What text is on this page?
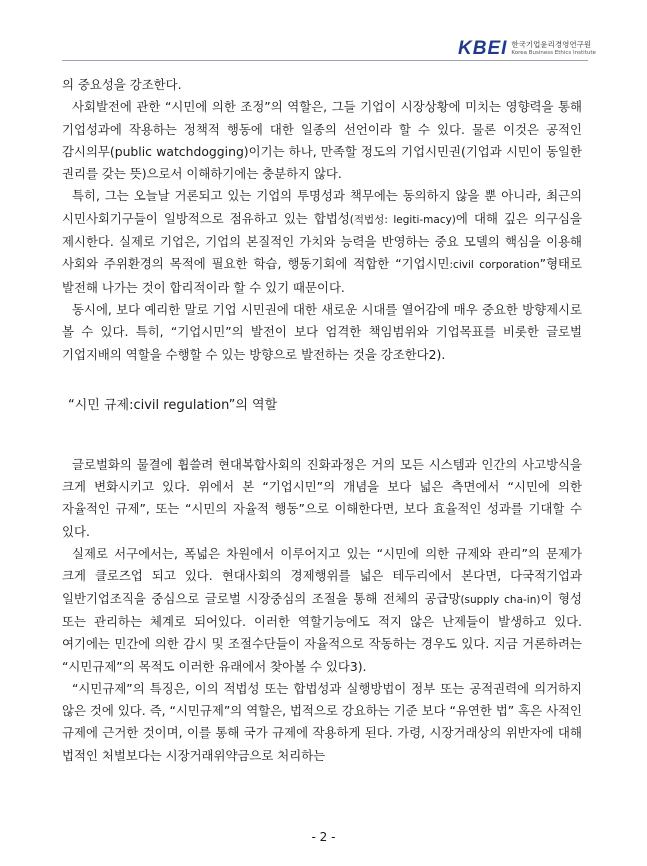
KBEI 한국기업윤리경영연구원
Korea Business Ethics Institute

의 중요성을 강조한다.

사회발전에 관한 “시민에 의한 조정”의 역할은, 그들 기업이 시장상황에 미치는 영향력을 통해 기업성과에 작용하는 정책적 행동에 대한 일종의 선언이라 할 수 있다. 물론 이것은 공적인 감시의무(public watchdogging)이기는 하나, 만족할 정도의 기업시민권(기업과 시민이 동일한 권리를 갖는 뜻)으로서 이해하기에는 충분하지 않다.

특히, 그는 오늘날 거론되고 있는 기업의 투명성과 책무에는 동의하지 않을 뿐 아니라, 최근의 시민사회기구들이 일방적으로 점유하고 있는 합법성(적법성: legiti-macy)에 대해 깊은 의구심을 제시한다. 실제로 기업은, 기업의 본질적인 가치와 능력을 반영하는 중요 모델의 핵심을 이용해 사회와 주위환경의 목적에 필요한 학습, 행동기회에 적합한 “기업시민:civil corporation”형태로 발전해 나가는 것이 합리적이라 할 수 있기 때문이다.

동시에, 보다 예리한 말로 기업 시민권에 대한 새로운 시대를 열어감에 매우 중요한 방향제시로 볼 수 있다. 특히, “기업시민”의 발전이 보다 엄격한 책임범위와 기업목표를 비롯한 글로벌 기업지배의 역할을 수행할 수 있는 방향으로 발전하는 것을 강조한다2).

“시민 규제:civil regulation”의 역할

글로벌화의 물결에 휩쓸려 현대복합사회의 진화과정은 거의 모든 시스템과 인간의 사고방식을 크게 변화시키고 있다. 위에서 본 “기업시민”의 개념을 보다 넓은 측면에서 “시민에 의한 자율적인 규제”, 또는 “시민의 자율적 행동”으로 이해한다면, 보다 효율적인 성과를 기대할 수 있다.

실제로 서구에서는, 폭넓은 차원에서 이루어지고 있는 “시민에 의한 규제와 관리”의 문제가 크게 클로즈업 되고 있다. 현대사회의 경제행위를 넓은 테두리에서 본다면, 다국적기업과 일반기업조직을 중심으로 글로벌 시장중심의 조절을 통해 전체의 공급망(supply cha-in)이 형성 또는 관리하는 체계로 되어있다. 이러한 역할기능에도 적지 않은 난제들이 발생하고 있다. 여기에는 민간에 의한 감시 및 조절수단들이 자율적으로 작동하는 경우도 있다. 지금 거론하려는 “시민규제”의 목적도 이러한 유래에서 찾아볼 수 있다3).

“시민규제”의 특징은, 이의 적법성 또는 합법성과 실행방법이 정부 또는 공적권력에 의거하지 않은 것에 있다. 즉, “시민규제”의 역할은, 법적으로 강요하는 기준 보다 “유연한 법” 혹은 사적인 규제에 근거한 것이며, 이를 통해 국가 규제에 작용하게 된다. 가령, 시장거래상의 위반자에 대해 법적인 처벌보다는 시장거래위약금으로 처리하는

- 2 -
